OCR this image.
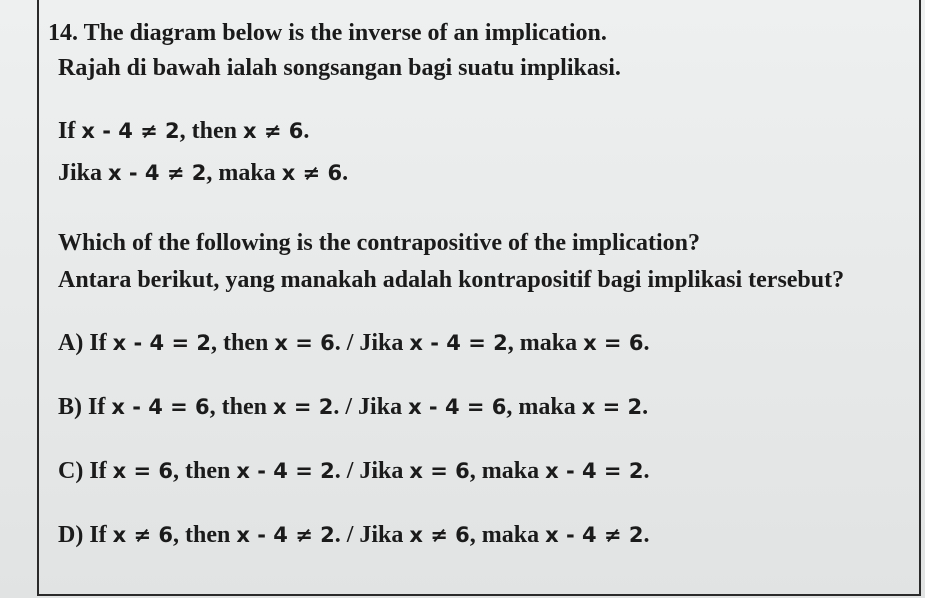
14. The diagram below is the inverse of an implication.

Rajah di bawah ialah songsangan bagi suatu implikasi.

If x - 4 ≠ 2, then x ≠ 6.

Jika x - 4 ≠ 2, maka x ≠ 6.

Which of the following is the contrapositive of the implication?

Antara berikut, yang manakah adalah kontrapositif bagi implikasi tersebut?

A) If x - 4 = 2, then x = 6. / Jika x - 4 = 2, maka x = 6.

B) If x - 4 = 6, then x = 2. / Jika x - 4 = 6, maka x = 2.

C) If x = 6, then x - 4 = 2. / Jika x = 6, maka x - 4 = 2.

D) If x ≠ 6, then x - 4 ≠ 2. / Jika x ≠ 6, maka x - 4 ≠ 2.
